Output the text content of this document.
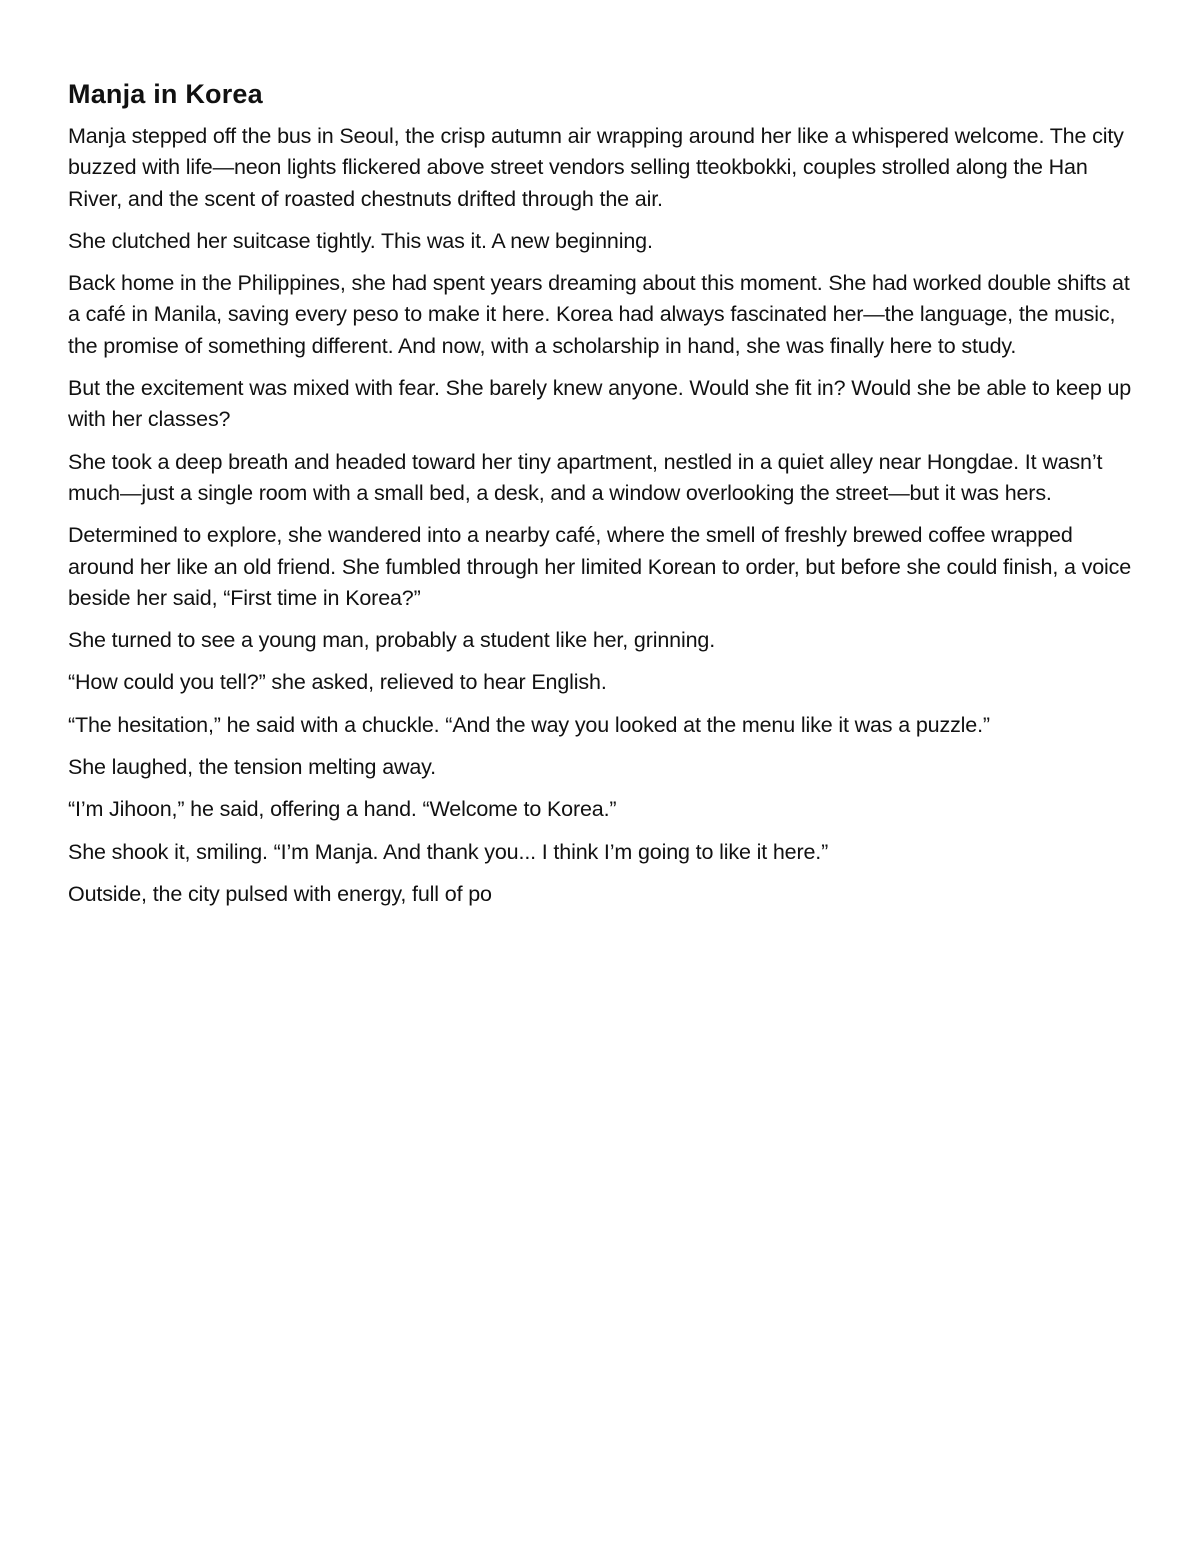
Manja in Korea

Manja stepped off the bus in Seoul, the crisp autumn air wrapping around her like a whispered welcome. The city buzzed with life—neon lights flickered above street vendors selling tteokbokki, couples strolled along the Han River, and the scent of roasted chestnuts drifted through the air.

She clutched her suitcase tightly. This was it. A new beginning.

Back home in the Philippines, she had spent years dreaming about this moment. She had worked double shifts at a café in Manila, saving every peso to make it here. Korea had always fascinated her—the language, the music, the promise of something different. And now, with a scholarship in hand, she was finally here to study.

But the excitement was mixed with fear. She barely knew anyone. Would she fit in? Would she be able to keep up with her classes?

She took a deep breath and headed toward her tiny apartment, nestled in a quiet alley near Hongdae. It wasn’t much—just a single room with a small bed, a desk, and a window overlooking the street—but it was hers.

Determined to explore, she wandered into a nearby café, where the smell of freshly brewed coffee wrapped around her like an old friend. She fumbled through her limited Korean to order, but before she could finish, a voice beside her said, “First time in Korea?”

She turned to see a young man, probably a student like her, grinning.

“How could you tell?” she asked, relieved to hear English.

“The hesitation,” he said with a chuckle. “And the way you looked at the menu like it was a puzzle.”

She laughed, the tension melting away.

“I’m Jihoon,” he said, offering a hand. “Welcome to Korea.”

She shook it, smiling. “I’m Manja. And thank you... I think I’m going to like it here.”

Outside, the city pulsed with energy, full of po
